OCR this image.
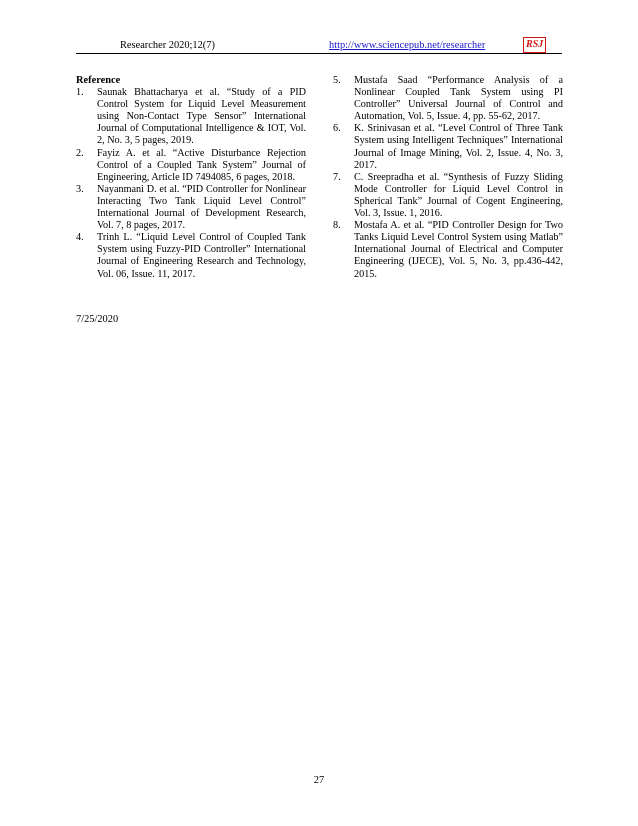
Researcher 2020;12(7)	http://www.sciencepub.net/researcher	RSJ
Reference

1. Saunak Bhattacharya et al. “Study of a PID Control System for Liquid Level Measurement using Non-Contact Type Sensor” International Journal of Computational Intelligence & IOT, Vol. 2, No. 3, 5 pages, 2019.

2. Fayiz A. et al. “Active Disturbance Rejection Control of a Coupled Tank System” Journal of Engineering, Article ID 7494085, 6 pages, 2018.

3. Nayanmani D. et al. “PID Controller for Nonlinear Interacting Two Tank Liquid Level Control” International Journal of Development Research, Vol. 7, 8 pages, 2017.

4. Trinh L. “Liquid Level Control of Coupled Tank System using Fuzzy-PID Controller” International Journal of Engineering Research and Technology, Vol. 06, Issue. 11, 2017.

5. Mustafa Saad “Performance Analysis of a Nonlinear Coupled Tank System using PI Controller” Universal Journal of Control and Automation, Vol. 5, Issue. 4, pp. 55-62, 2017.

6. K. Srinivasan et al. “Level Control of Three Tank System using Intelligent Techniques” International Journal of Image Mining, Vol. 2, Issue. 4, No. 3, 2017.

7. C. Sreepradha et al. “Synthesis of Fuzzy Sliding Mode Controller for Liquid Level Control in Spherical Tank” Journal of Cogent Engineering, Vol. 3, Issue. 1, 2016.

8. Mostafa A. et al. “PID Controller Design for Two Tanks Liquid Level Control System using Matlab” International Journal of Electrical and Computer Engineering (IJECE), Vol. 5, No. 3, pp.436-442, 2015.

7/25/2020
27
